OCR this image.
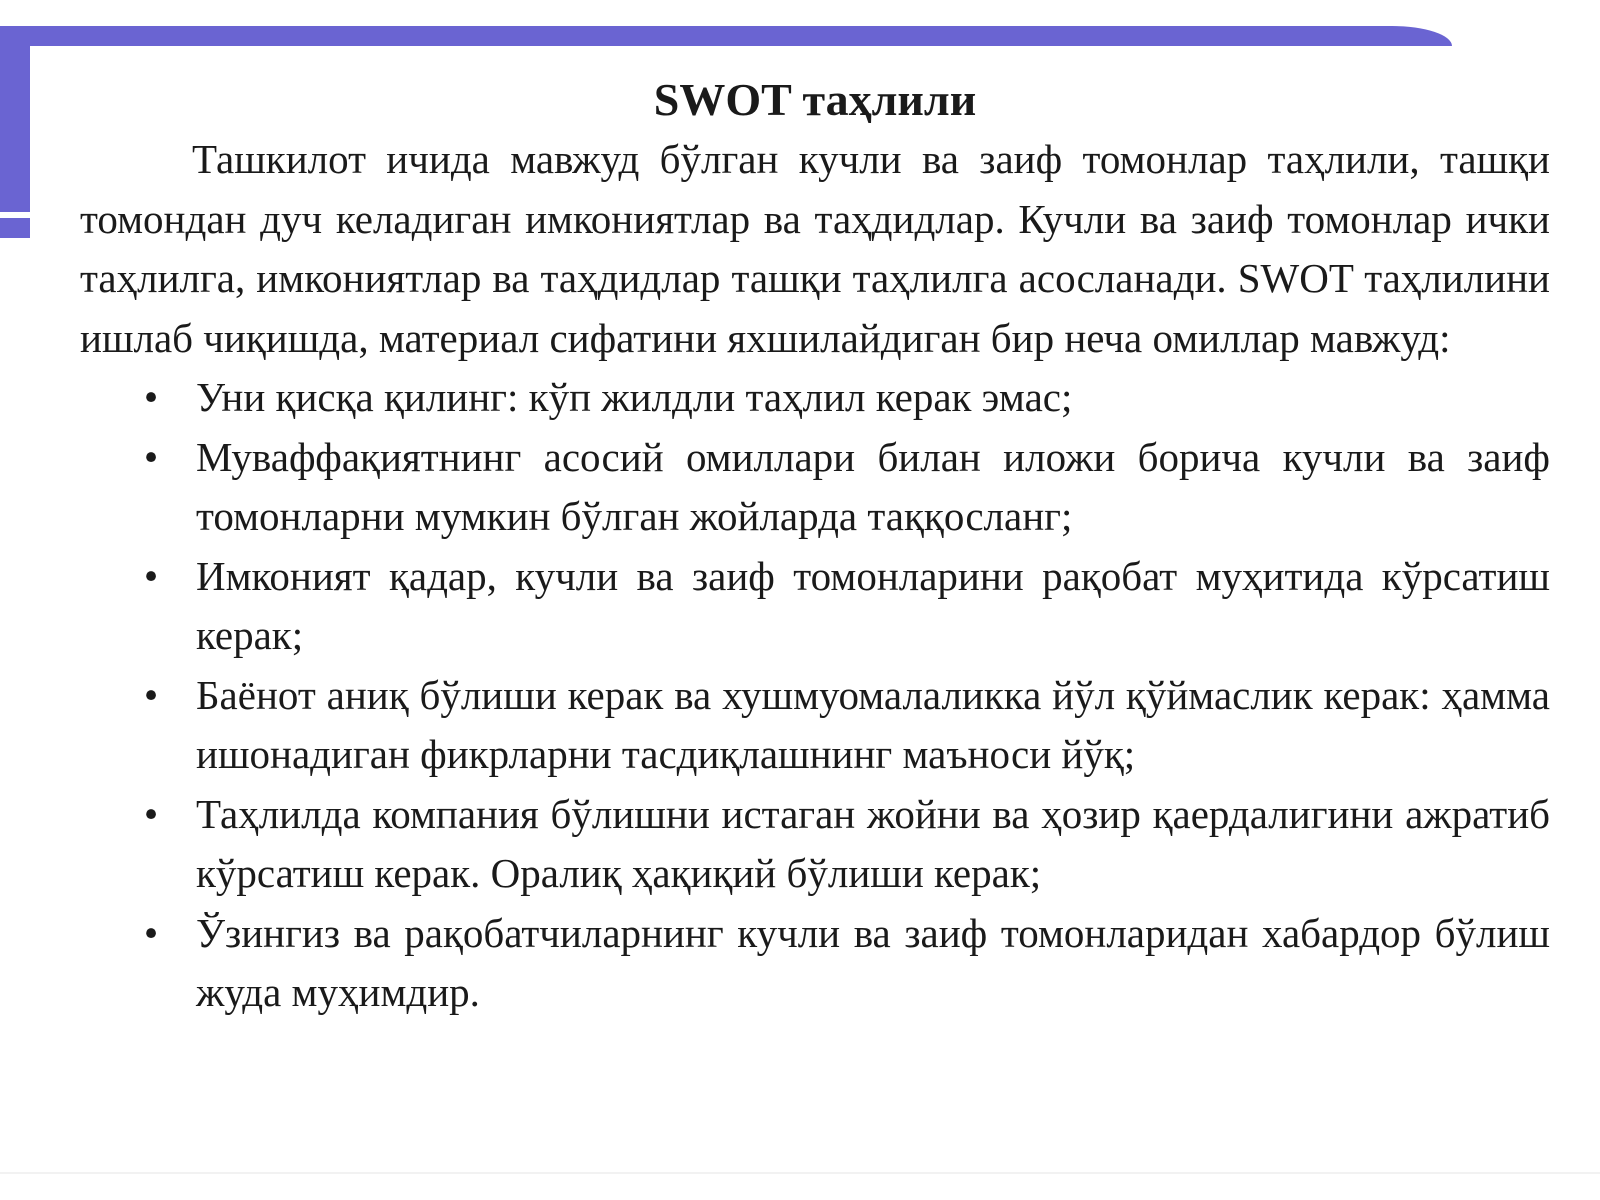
SWOT таҳлили

Ташкилот ичида мавжуд бўлган кучли ва заиф томонлар таҳлили, ташқи томондан дуч келадиган имкониятлар ва таҳдидлар. Кучли ва заиф томонлар ички таҳлилга, имкониятлар ва таҳдидлар ташқи таҳлилга асосланади. SWOT таҳлилини ишлаб чиқишда, материал сифатини яхшилайдиган бир неча омиллар мавжуд:

• Уни қисқа қилинг: кўп жилдли таҳлил керак эмас;
• Муваффақиятнинг асосий омиллари билан иложи борича кучли ва заиф томонларни мумкин бўлган жойларда таққосланг;
• Имконият қадар, кучли ва заиф томонларини рақобат муҳитида кўрсатиш керак;
• Баёнот аниқ бўлиши керак ва хушмуомалаликка йўл қўймаслик керак: ҳамма ишонадиган фикрларни тасдиқлашнинг маъноси йўқ;
• Таҳлилда компания бўлишни истаган жойни ва ҳозир қаердалигини ажратиб кўрсатиш керак. Оралиқ ҳақиқий бўлиши керак;
• Ўзингиз ва рақобатчиларнинг кучли ва заиф томонларидан хабардор бўлиш жуда муҳимдир.
